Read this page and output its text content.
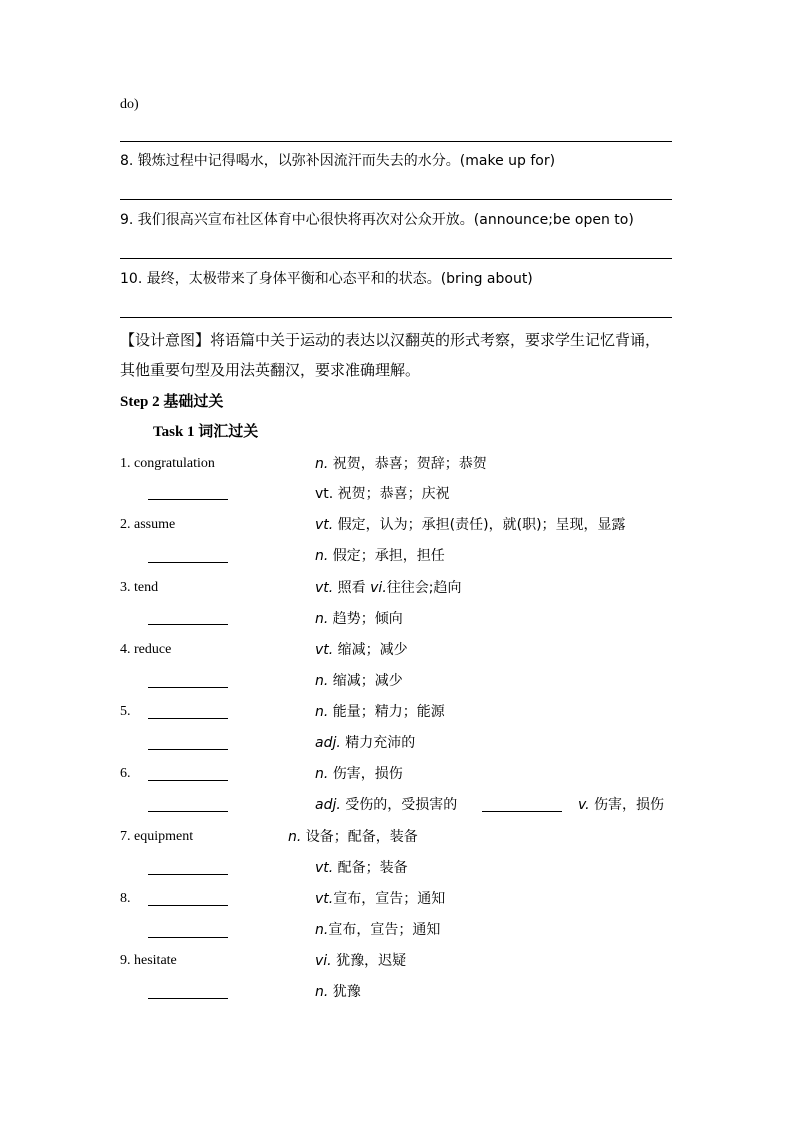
do)
8. 锻炼过程中记得喝水，以弥补因流汗而失去的水分。(make up for)
9. 我们很高兴宣布社区体育中心很快将再次对公众开放。(announce;be open to)
10. 最终，太极带来了身体平衡和心态平和的状态。(bring about)
【设计意图】将语篇中关于运动的表达以汉翻英的形式考察，要求学生记忆背诵，
其他重要句型及用法英翻汉，要求准确理解。
Step 2 基础过关
Task 1 词汇过关
1. congratulation	n. 祝贺，恭喜；贺辞；恭贺
vt. 祝贺；恭喜；庆祝
2. assume	vt. 假定，认为；承担(责任)，就(职)；呈现，显露
n. 假定；承担，担任
3. tend	vt. 照看 vi.往往会;趋向
n. 趋势；倾向
4. reduce	vt. 缩减；减少
n. 缩减；减少
5.	n. 能量；精力；能源
adj. 精力充沛的
6.	n. 伤害，损伤
adj. 受伤的，受损害的	v. 伤害，损伤
7. equipment	n. 设备；配备，装备
vt. 配备；装备
8.	vt.宣布，宣告；通知
n.宣布，宣告；通知
9. hesitate	vi. 犹豫，迟疑
n. 犹豫
